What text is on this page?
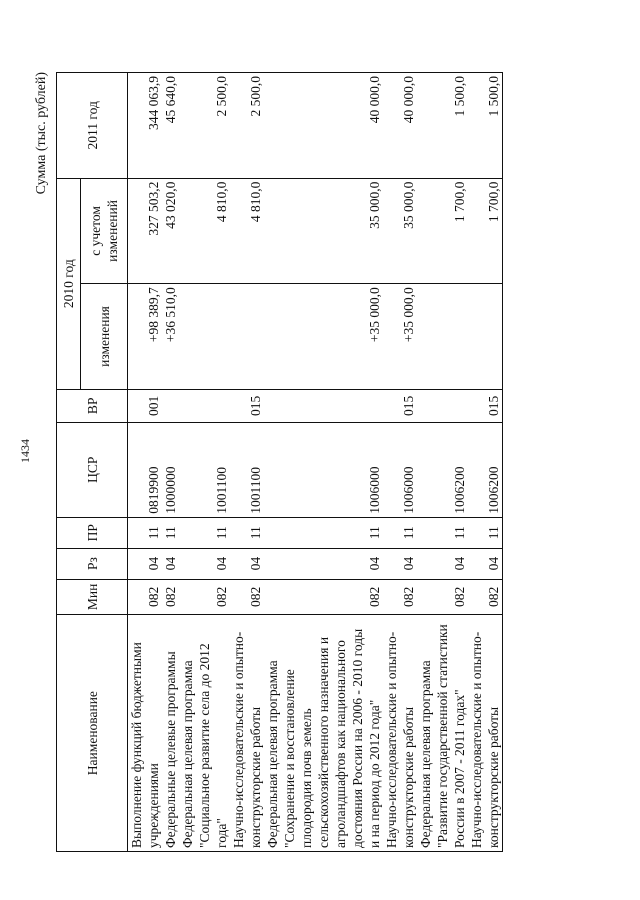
1434
Сумма (тыс. рублей)
Наименование	Мин	Рз	ПР	ЦСР	ВР	2010 год		2011 год
						изменения	с учетом изменений	
Выполнение функций бюджетными учреждениями	082	04	11	0819900	001	+98 389,7	327 503,2	344 063,9
Федеральные целевые программы	082	04	11	1000000		+36 510,0	43 020,0	45 640,0
Федеральная целевая программа "Социальное развитие села до 2012 года"	082	04	11	1001100			4 810,0	2 500,0
Научно-исследовательские и опытно-конструкторские работы	082	04	11	1001100	015		4 810,0	2 500,0
Федеральная целевая программа "Сохранение и восстановление плодородия почв земель сельскохозяйственного назначения и агроландшафтов как национального достояния России на 2006 - 2010 годы и на период до 2012 года"	082	04	11	1006000		+35 000,0	35 000,0	40 000,0
Научно-исследовательские и опытно-конструкторские работы	082	04	11	1006000	015	+35 000,0	35 000,0	40 000,0
Федеральная целевая программа "Развитие государственной статистики России в 2007 - 2011 годах"	082	04	11	1006200			1 700,0	1 500,0
Научно-исследовательские и опытно-конструкторские работы	082	04	11	1006200	015		1 700,0	1 500,0
